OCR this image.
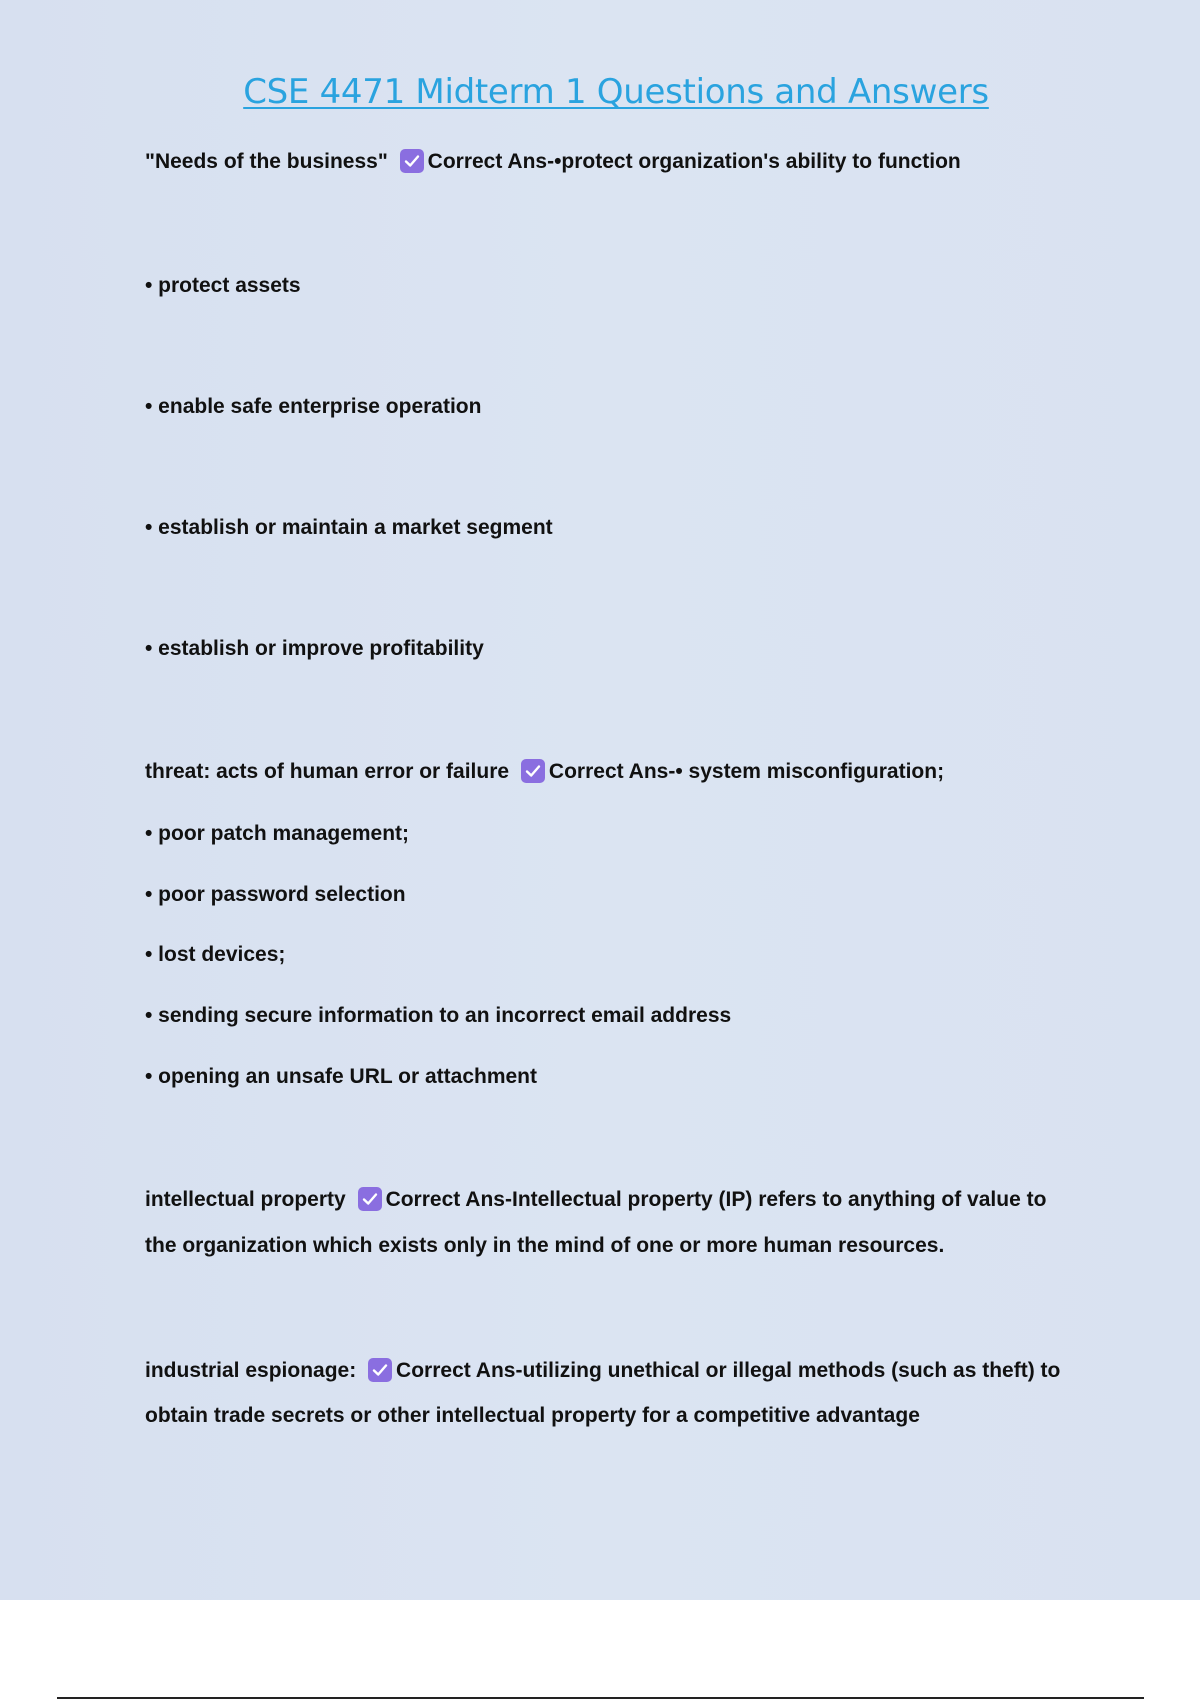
CSE 4471 Midterm 1 Questions and Answers

"Needs of the business" Correct Ans-•protect organization's ability to function

• protect assets

• enable safe enterprise operation

• establish or maintain a market segment

• establish or improve profitability

threat: acts of human error or failure Correct Ans-• system misconfiguration;

• poor patch management;

• poor password selection

• lost devices;

• sending secure information to an incorrect email address

• opening an unsafe URL or attachment

intellectual property Correct Ans-Intellectual property (IP) refers to anything of value to

the organization which exists only in the mind of one or more human resources.

industrial espionage: Correct Ans-utilizing unethical or illegal methods (such as theft) to

obtain trade secrets or other intellectual property for a competitive advantage
